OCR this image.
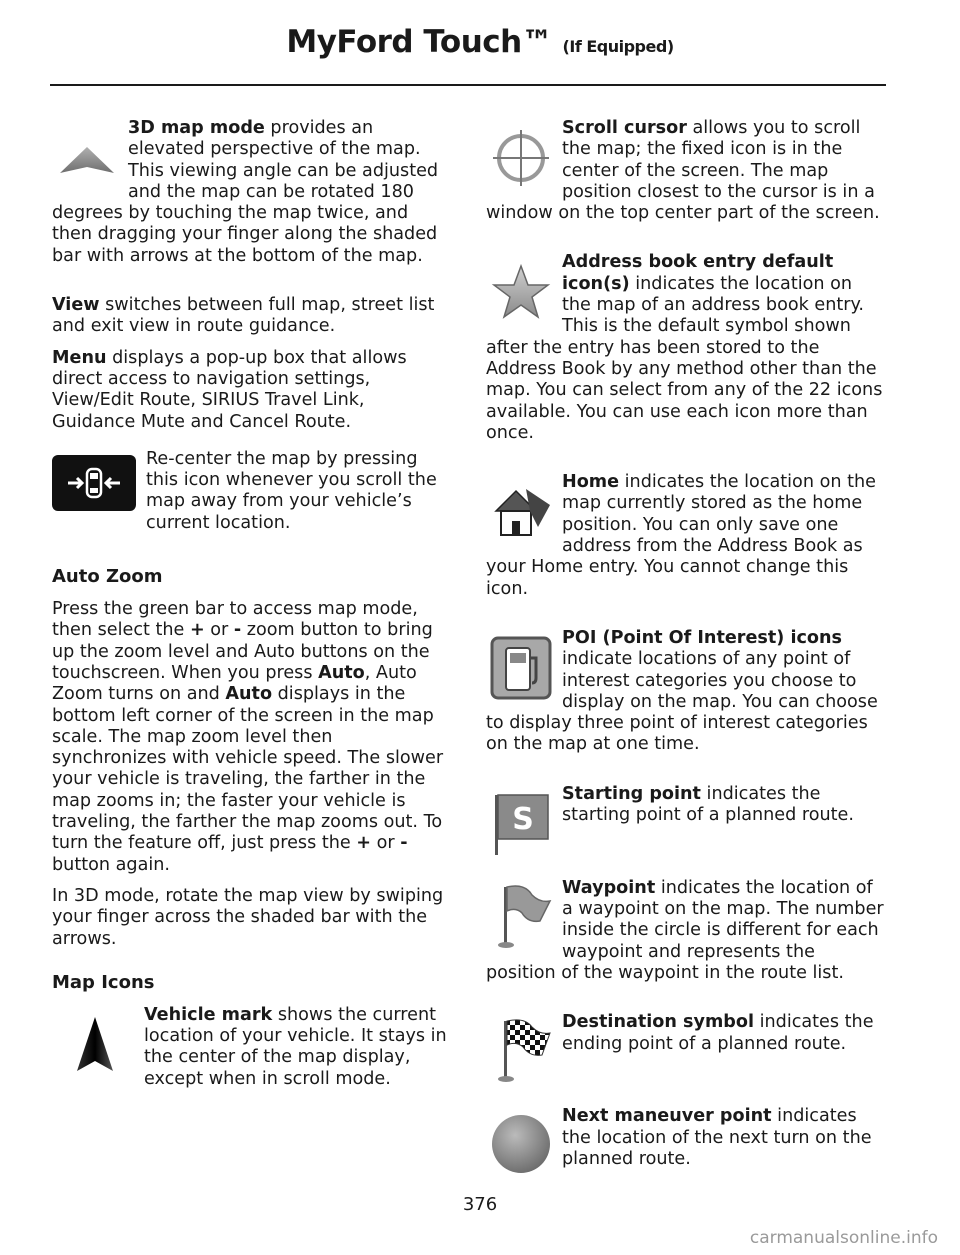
MyFord Touch™ (If Equipped)

3D map mode provides an elevated perspective of the map. This viewing angle can be adjusted and the map can be rotated 180 degrees by touching the map twice, and then dragging your finger along the shaded bar with arrows at the bottom of the map.

View switches between full map, street list and exit view in route guidance.

Menu displays a pop-up box that allows direct access to navigation settings, View/Edit Route, SIRIUS Travel Link, Guidance Mute and Cancel Route.

Re-center the map by pressing this icon whenever you scroll the map away from your vehicle’s current location.

Auto Zoom

Press the green bar to access map mode, then select the + or - zoom button to bring up the zoom level and Auto buttons on the touchscreen. When you press Auto, Auto Zoom turns on and Auto displays in the bottom left corner of the screen in the map scale. The map zoom level then synchronizes with vehicle speed. The slower your vehicle is traveling, the farther in the map zooms in; the faster your vehicle is traveling, the farther the map zooms out. To turn the feature off, just press the + or - button again.

In 3D mode, rotate the map view by swiping your finger across the shaded bar with the arrows.

Map Icons

Vehicle mark shows the current location of your vehicle. It stays in the center of the map display, except when in scroll mode.

Scroll cursor allows you to scroll the map; the fixed icon is in the center of the screen. The map position closest to the cursor is in a window on the top center part of the screen.

Address book entry default icon(s) indicates the location on the map of an address book entry. This is the default symbol shown after the entry has been stored to the Address Book by any method other than the map. You can select from any of the 22 icons available. You can use each icon more than once.

Home indicates the location on the map currently stored as the home position. You can only save one address from the Address Book as your Home entry. You cannot change this icon.

POI (Point Of Interest) icons indicate locations of any point of interest categories you choose to display on the map. You can choose to display three point of interest categories on the map at one time.

S

Starting point indicates the starting point of a planned route.

Waypoint indicates the location of a waypoint on the map. The number inside the circle is different for each waypoint and represents the position of the waypoint in the route list.

Destination symbol indicates the ending point of a planned route.

Next maneuver point indicates the location of the next turn on the planned route.

376
carmanualsonline.info
